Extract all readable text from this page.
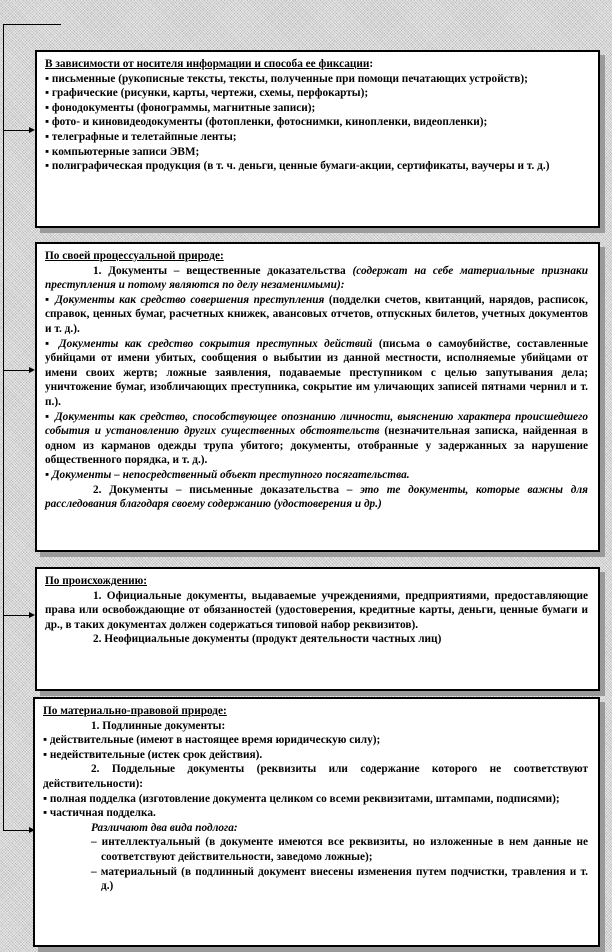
В зависимости от носителя информации и способа ее фиксации:

▪ письменные (рукописные тексты, тексты, полученные при помощи печатающих устройств);

▪ графические (рисунки, карты, чертежи, схемы, перфокарты);

▪ фонодокументы (фонограммы, магнитные записи);

▪ фото- и киновидеодокументы (фотопленки, фотоснимки, кинопленки, видеопленки);

▪ телеграфные и телетайпные ленты;

▪ компьютерные записи ЭВМ;

▪ полиграфическая продукция (в т. ч. деньги, ценные бумаги-акции, сертификаты, ваучеры и т. д.)

По своей процессуальной природе:

1. Документы – вещественные доказательства (содержат на себе материальные признаки преступления и потому являются по делу незаменимыми):

▪ Документы как средство совершения преступления (подделки счетов, квитанций, нарядов, расписок, справок, ценных бумаг, расчетных книжек, авансовых отчетов, отпускных билетов, учетных документов и т. д.).

▪ Документы как средство сокрытия преступных действий (письма о самоубийстве, составленные убийцами от имени убитых, сообщения о выбытии из данной местности, исполняемые убийцами от имени своих жертв; ложные заявления, подаваемые преступником с целью запутывания дела; уничтожение бумаг, изобличающих преступника, сокрытие им уличающих записей пятнами чернил и т. п.).

▪ Документы как средство, способствующее опознанию личности, выяснению характера происшедшего события и установлению других существенных обстоятельств (незначительная записка, найденная в одном из карманов одежды трупа убитого; документы, отобранные у задержанных за нарушение общественного порядка, и т. д.).

▪ Документы – непосредственный объект преступного посягательства.

2. Документы – письменные доказательства – это те документы, которые важны для расследования благодаря своему содержанию (удостоверения и др.)

По происхождению:

1. Официальные документы, выдаваемые учреждениями, предприятиями, предоставляющие права или освобождающие от обязанностей (удостоверения, кредитные карты, деньги, ценные бумаги и др., в таких документах должен содержаться типовой набор реквизитов).

2. Неофициальные документы (продукт деятельности частных лиц)

По материально-правовой природе:

1. Подлинные документы:

▪ действительные (имеют в настоящее время юридическую силу);

▪ недействительные (истек срок действия).

2. Поддельные документы (реквизиты или содержание которого не соответствуют действительности):

▪ полная подделка (изготовление документа целиком со всеми реквизитами, штампами, подписями);

▪ частичная подделка.

Различают два вида подлога:

– интеллектуальный (в документе имеются все реквизиты, но изложенные в нем данные не соответствуют действительности, заведомо ложные);

– материальный (в подлинный документ внесены изменения путем подчистки, травления и т. д.)
